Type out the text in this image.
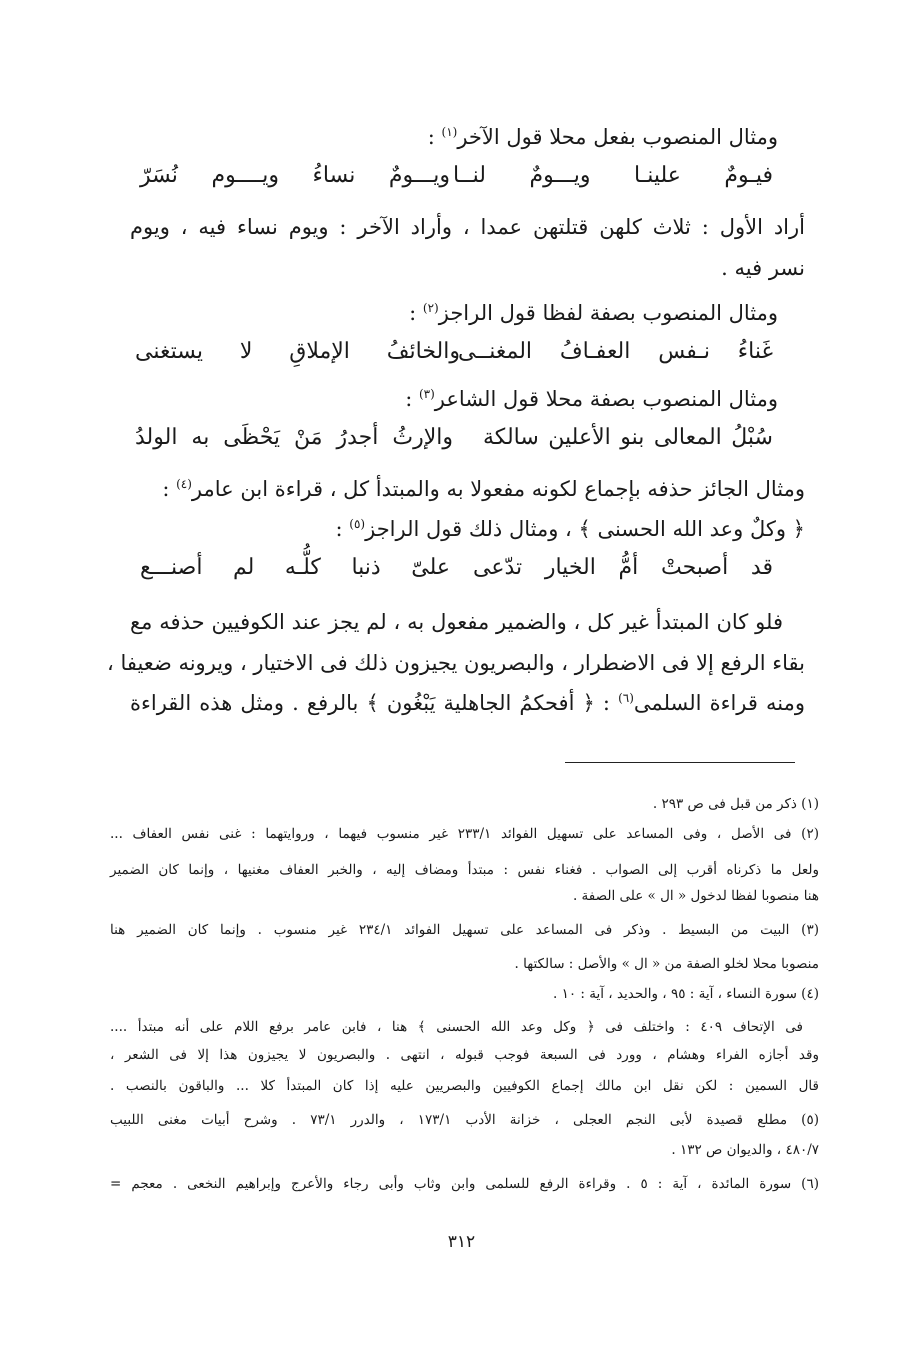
ومثال المنصوب بفعل محلا قول الآخر$^{(١)}$ :
فيـومٌ علينـا ويـــومٌ لنــا
ويـــومٌ نساءُ ويــــوم نُسَرّ
أراد الأول : ثلاث كلهن قتلتهن عمدا ، وأراد الآخر : ويوم نساء فيه ، ويوم
نسر فيه .
ومثال المنصوب بصفة لفظا قول الراجز$^{(٢)}$ :
غَناءُ نـفس العفـافُ المغنــى
والخائفُ الإملاقِ لا يستغنى
ومثال المنصوب بصفة محلا قول الشاعر$^{(٣)}$ :
سُبْلُ المعالى بنو الأعلين سالكة
والإرثُ أجدرُ مَنْ يَحْظَى به الولدُ
ومثال الجائز حذفه بإجماع لكونه مفعولا به والمبتدأ كل ، قراءة ابن عامر$^{(٤)}$ :
﴿ وكلٌ وعد الله الحسنى ﴾ ، ومثال ذلك قول الراجز$^{(٥)}$ :
قد أصبحتْ أمُّ الخيار تدّعى
علىّ ذنبا كلُّـه لم أصنـــع
فلو كان المبتدأ غير كل ، والضمير مفعول به ، لم يجز عند الكوفيين حذفه مع
بقاء الرفع إلا فى الاضطرار ، والبصريون يجيزون ذلك فى الاختيار ، ويرونه ضعيفا ،
ومنه قراءة السلمى$^{(٦)}$ : ﴿ أفحكمُ الجاهلية يَبْغُون ﴾ بالرفع . ومثل هذه القراءة
(١) ذكر من قبل فى ص ٢٩٣ .
(٢) فى الأصل ، وفى المساعد على تسهيل الفوائد ٢٣٣/١ غير منسوب فيهما ، وروايتهما : غنى نفس العفاف ...
ولعل ما ذكرناه أقرب إلى الصواب . فغناء نفس : مبتدأ ومضاف إليه ، والخبر العفاف مغنيها ، وإنما كان الضمير
هنا منصوبا لفظا لدخول « ال » على الصفة .
(٣) البيت من البسيط . وذكر فى المساعد على تسهيل الفوائد ٢٣٤/١ غير منسوب . وإنما كان الضمير هنا
منصوبا محلا لخلو الصفة من « ال » والأصل : سالكتها .
(٤) سورة النساء ، آية : ٩٥ ، والحديد ، آية : ١٠ .
فى الإتحاف ٤٠٩ : واختلف فى ﴿ وكل وعد الله الحسنى ﴾ هنا ، فابن عامر برفع اللام على أنه مبتدأ ....
وقد أجازه الفراء وهشام ، وورد فى السبعة فوجب قبوله ، انتهى . والبصريون لا يجيزون هذا إلا فى الشعر ،
قال السمين : لكن نقل ابن مالك إجماع الكوفيين والبصريين عليه إذا كان المبتدأ كلا ... والباقون بالنصب .
(٥) مطلع قصيدة لأبى النجم العجلى ، خزانة الأدب ١٧٣/١ ، والدرر ٧٣/١ . وشرح أبيات مغنى اللبيب
٤٨٠/٧ ، والديوان ص ١٣٢ .
(٦) سورة المائدة ، آية : ٥ . وقراءة الرفع للسلمى وابن وثاب وأبى رجاء والأعرج وإبراهيم النخعى . معجم =
٣١٢
